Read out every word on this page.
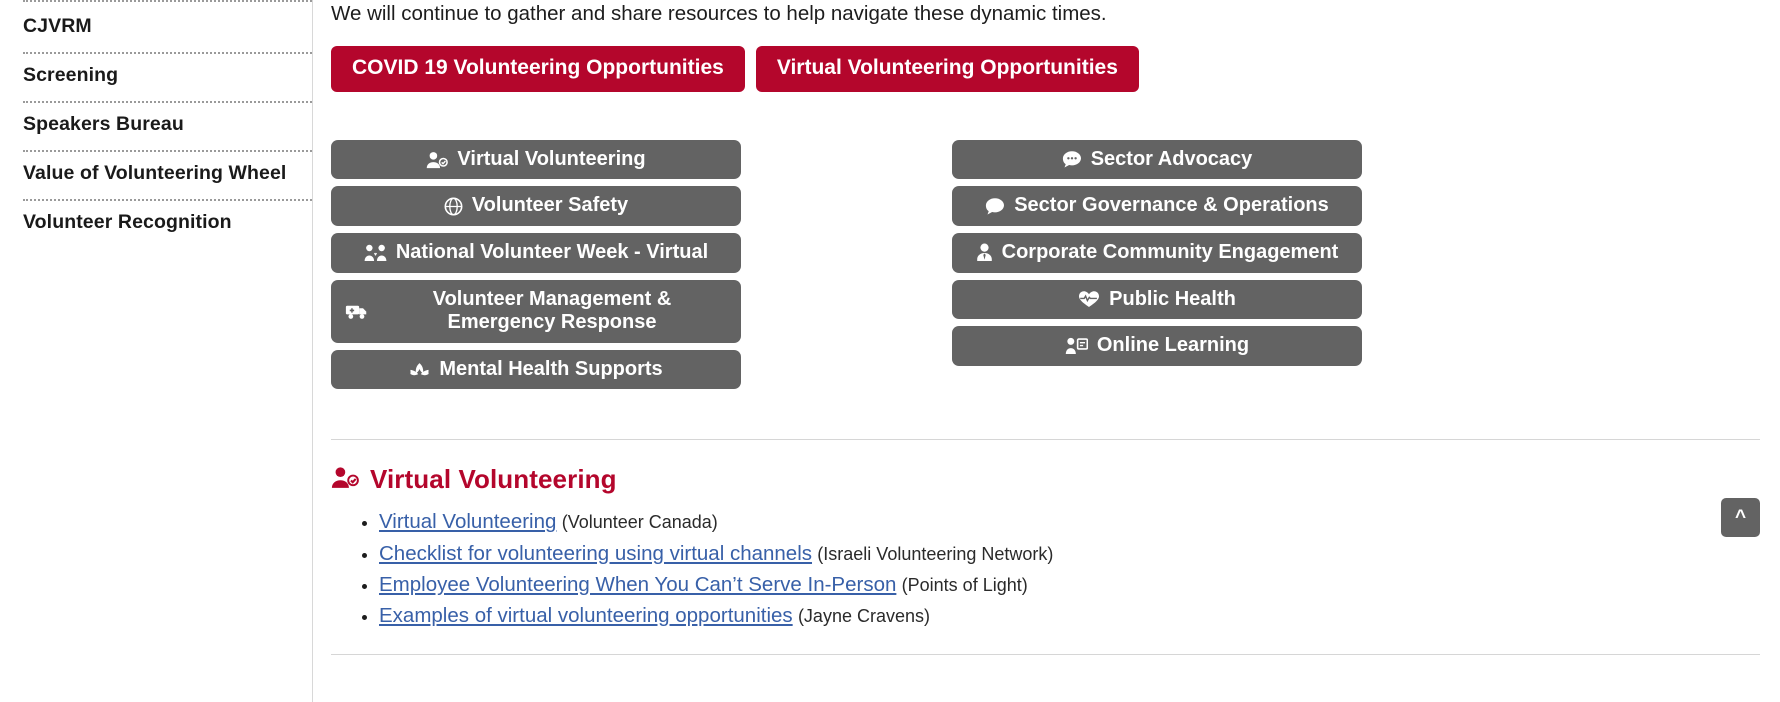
CJVRM
Screening
Speakers Bureau
Value of Volunteering Wheel
Volunteer Recognition

We will continue to gather and share resources to help navigate these dynamic times.

COVID 19 Volunteering Opportunities	Virtual Volunteering Opportunities
Virtual Volunteering
Volunteer Safety
National Volunteer Week - Virtual
Volunteer Management & Emergency Response
Mental Health Supports
Sector Advocacy
Sector Governance & Operations
Corporate Community Engagement
Public Health
Online Learning
Virtual Volunteering
• Virtual Volunteering (Volunteer Canada)
• Checklist for volunteering using virtual channels (Israeli Volunteering Network)
• Employee Volunteering When You Can’t Serve In-Person (Points of Light)
• Examples of virtual volunteering opportunities (Jayne Cravens)
^
